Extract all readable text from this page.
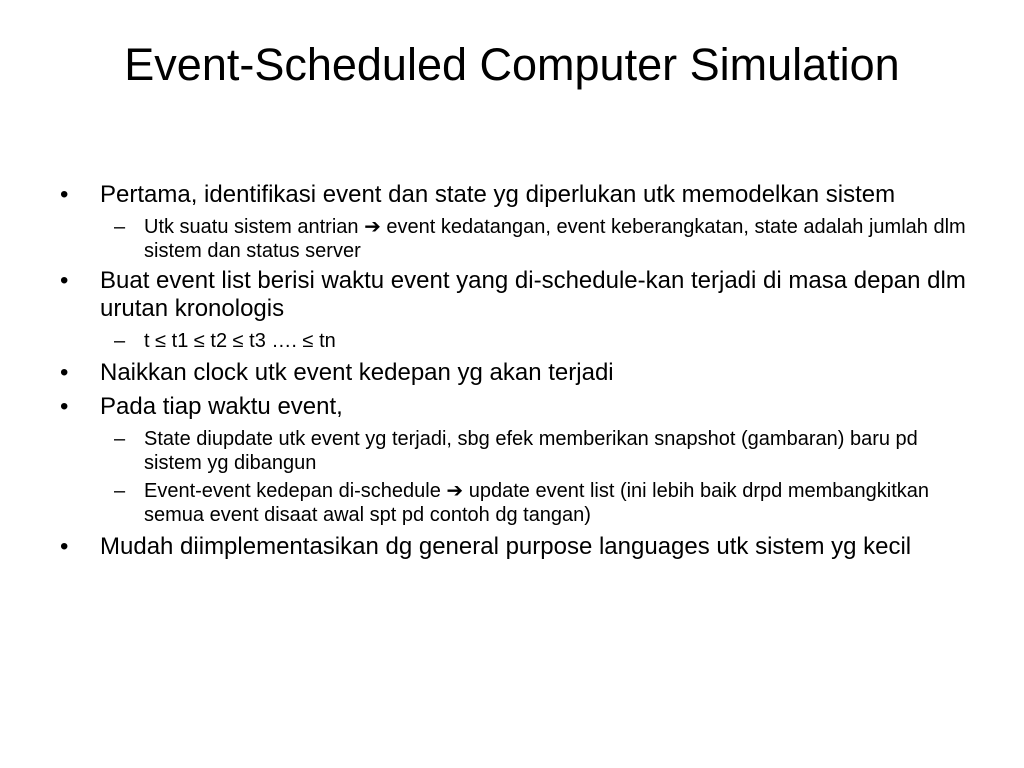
Event-Scheduled Computer Simulation
• Pertama, identifikasi event dan state yg diperlukan utk memodelkan sistem
– Utk suatu sistem antrian ➔ event kedatangan, event keberangkatan, state adalah jumlah dlm sistem dan status server
• Buat event list berisi waktu event yang di-schedule-kan terjadi di masa depan dlm urutan kronologis
– t ≤ t1 ≤ t2 ≤ t3 …. ≤ tn
• Naikkan clock utk event kedepan yg akan terjadi
• Pada tiap waktu event,
– State diupdate utk event yg terjadi, sbg efek memberikan snapshot (gambaran) baru pd sistem yg dibangun
– Event-event kedepan di-schedule ➔ update event list (ini lebih baik drpd membangkitkan semua event disaat awal spt pd contoh dg tangan)
• Mudah diimplementasikan dg general purpose languages utk sistem yg kecil
